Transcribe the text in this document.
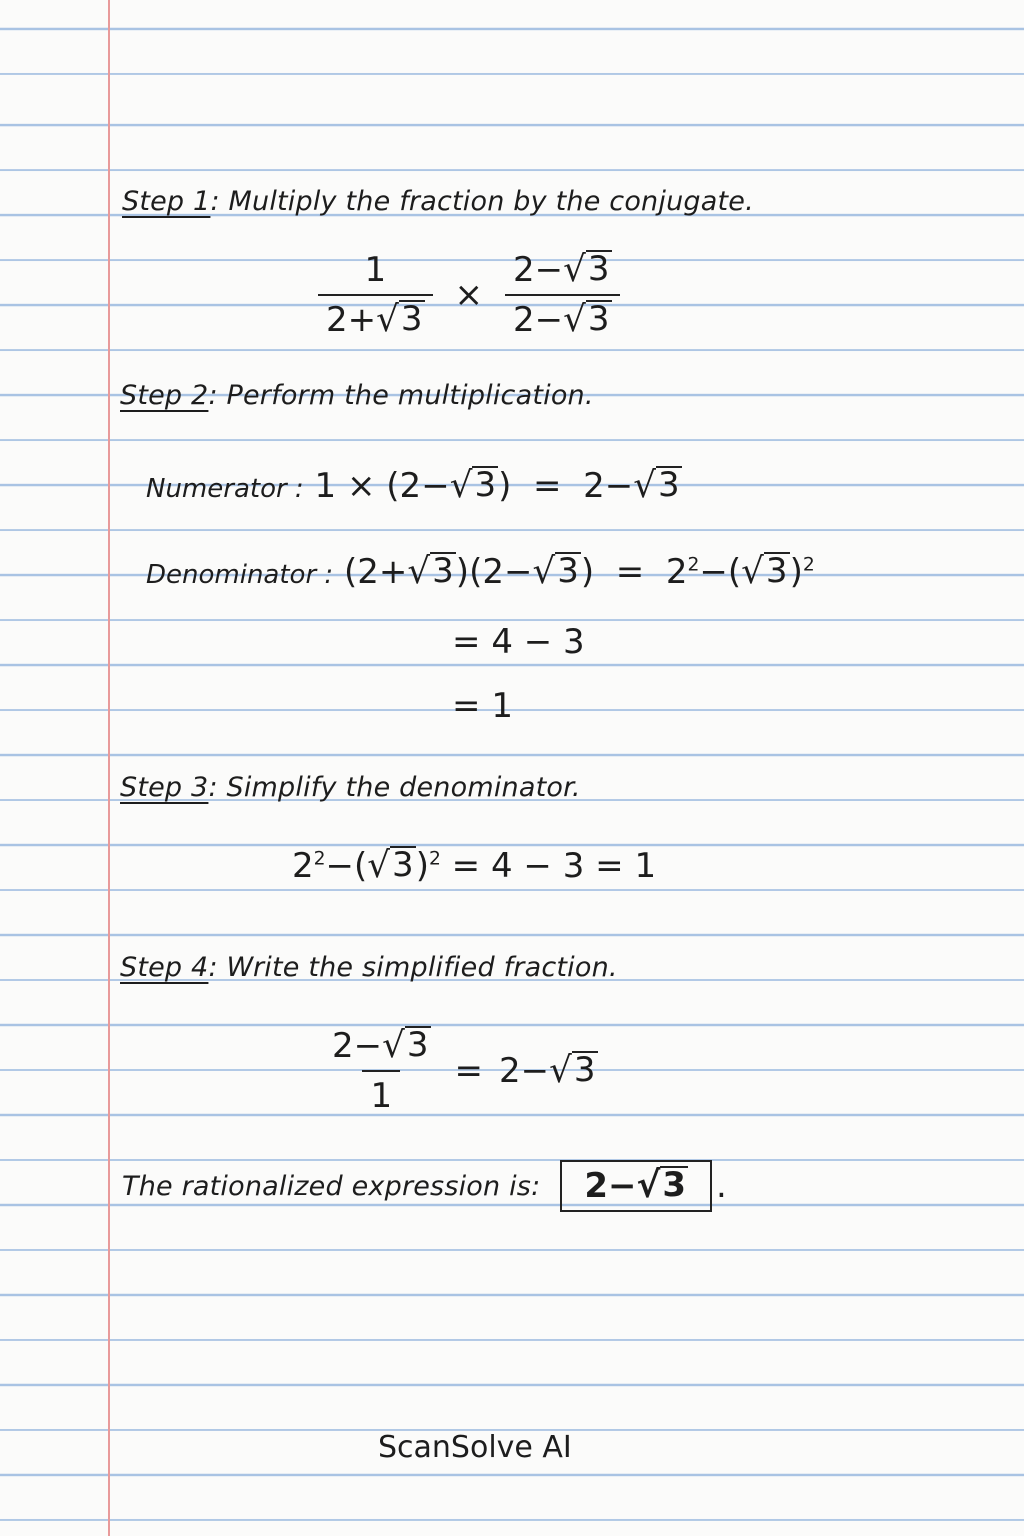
Step 1: Multiply the fraction by the conjugate.
$\frac{1}{2+ √ 3} \times \frac{2- √ 3}{2- √ 3}$
Step 2: Perform the multiplication.
Numerator : 1 × (2− √ 3 ) = 2− √ 3
Denominator : (2+ √ 3 )(2− √ 3 ) = $2^2-$( √ 3 )$^2$
= 4 − 3
= 1
Step 3: Simplify the denominator.
$2^2-$( √ 3 )$^2$ = 4 − 3 = 1
Step 4: Write the simplified fraction.
$\frac{2- √ 3}{1} = 2-$ √ 3
The rationalized expression is:	2− √ 3 .
ScanSolve AI
